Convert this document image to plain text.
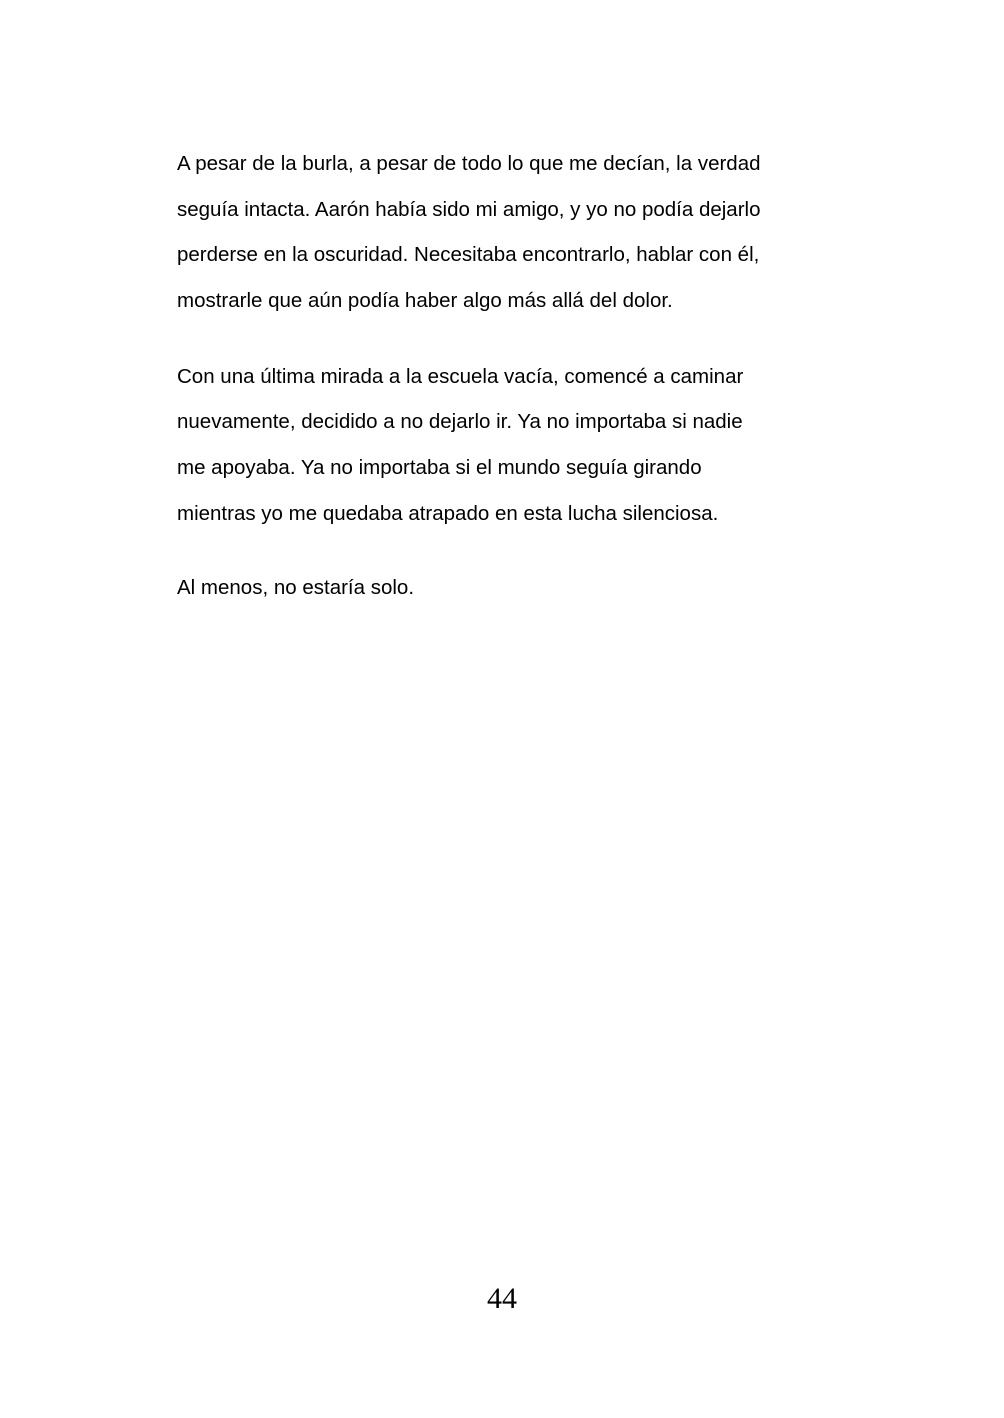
A pesar de la burla, a pesar de todo lo que me decían, la verdad
seguía intacta. Aarón había sido mi amigo, y yo no podía dejarlo
perderse en la oscuridad. Necesitaba encontrarlo, hablar con él,
mostrarle que aún podía haber algo más allá del dolor.
Con una última mirada a la escuela vacía, comencé a caminar
nuevamente, decidido a no dejarlo ir. Ya no importaba si nadie
me apoyaba. Ya no importaba si el mundo seguía girando
mientras yo me quedaba atrapado en esta lucha silenciosa.
Al menos, no estaría solo.
44
